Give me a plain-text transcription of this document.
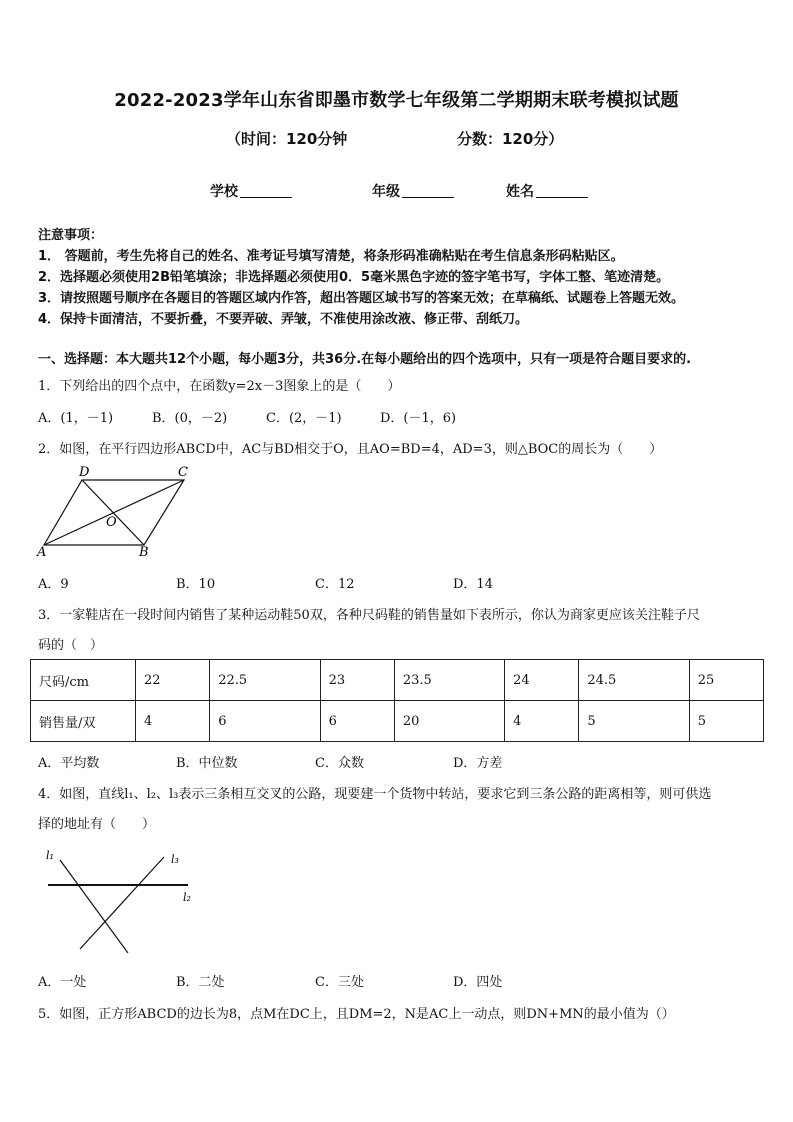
2022-2023学年山东省即墨市数学七年级第二学期期末联考模拟试题
（时间：120分钟	分数：120分）
学校	年级	姓名
注意事项：
1． 答题前，考生先将自己的姓名、准考证号填写清楚，将条形码准确粘贴在考生信息条形码粘贴区。
2．选择题必须使用2B铅笔填涂；非选择题必须使用0．5毫米黑色字迹的签字笔书写，字体工整、笔迹清楚。
3．请按照题号顺序在各题目的答题区域内作答，超出答题区域书写的答案无效；在草稿纸、试题卷上答题无效。
4．保持卡面清洁，不要折叠，不要弄破、弄皱，不准使用涂改液、修正带、刮纸刀。
一、选择题：本大题共12个小题，每小题3分，共36分.在每小题给出的四个选项中，只有一项是符合题目要求的.
1．下列给出的四个点中，在函数y=2x－3图象上的是（　　）
A．(1，－1)	B．(0，－2)	C．(2，－1)	D．(－1，6)
2．如图，在平行四边形ABCD中，AC与BD相交于O，且AO=BD=4，AD=3，则△BOC的周长为（　　）
D	C
O
A	B
A．9	B．10	C．12	D．14
3．一家鞋店在一段时间内销售了某种运动鞋50双，各种尺码鞋的销售量如下表所示，你认为商家更应该关注鞋子尺
码的（　）
尺码/cm	22	22.5	23	23.5	24	24.5	25
销售量/双	4	6	6	20	4	5	5
A．平均数	B．中位数	C．众数	D．方差
4．如图，直线l₁、l₂、l₃表示三条相互交叉的公路，现要建一个货物中转站，要求它到三条公路的距离相等，则可供选
择的地址有（　　）
l₁	l₃
l₂
A．一处	B．二处	C．三处	D．四处
5．如图，正方形ABCD的边长为8，点M在DC上，且DM=2，N是AC上一动点，则DN+MN的最小值为（）
